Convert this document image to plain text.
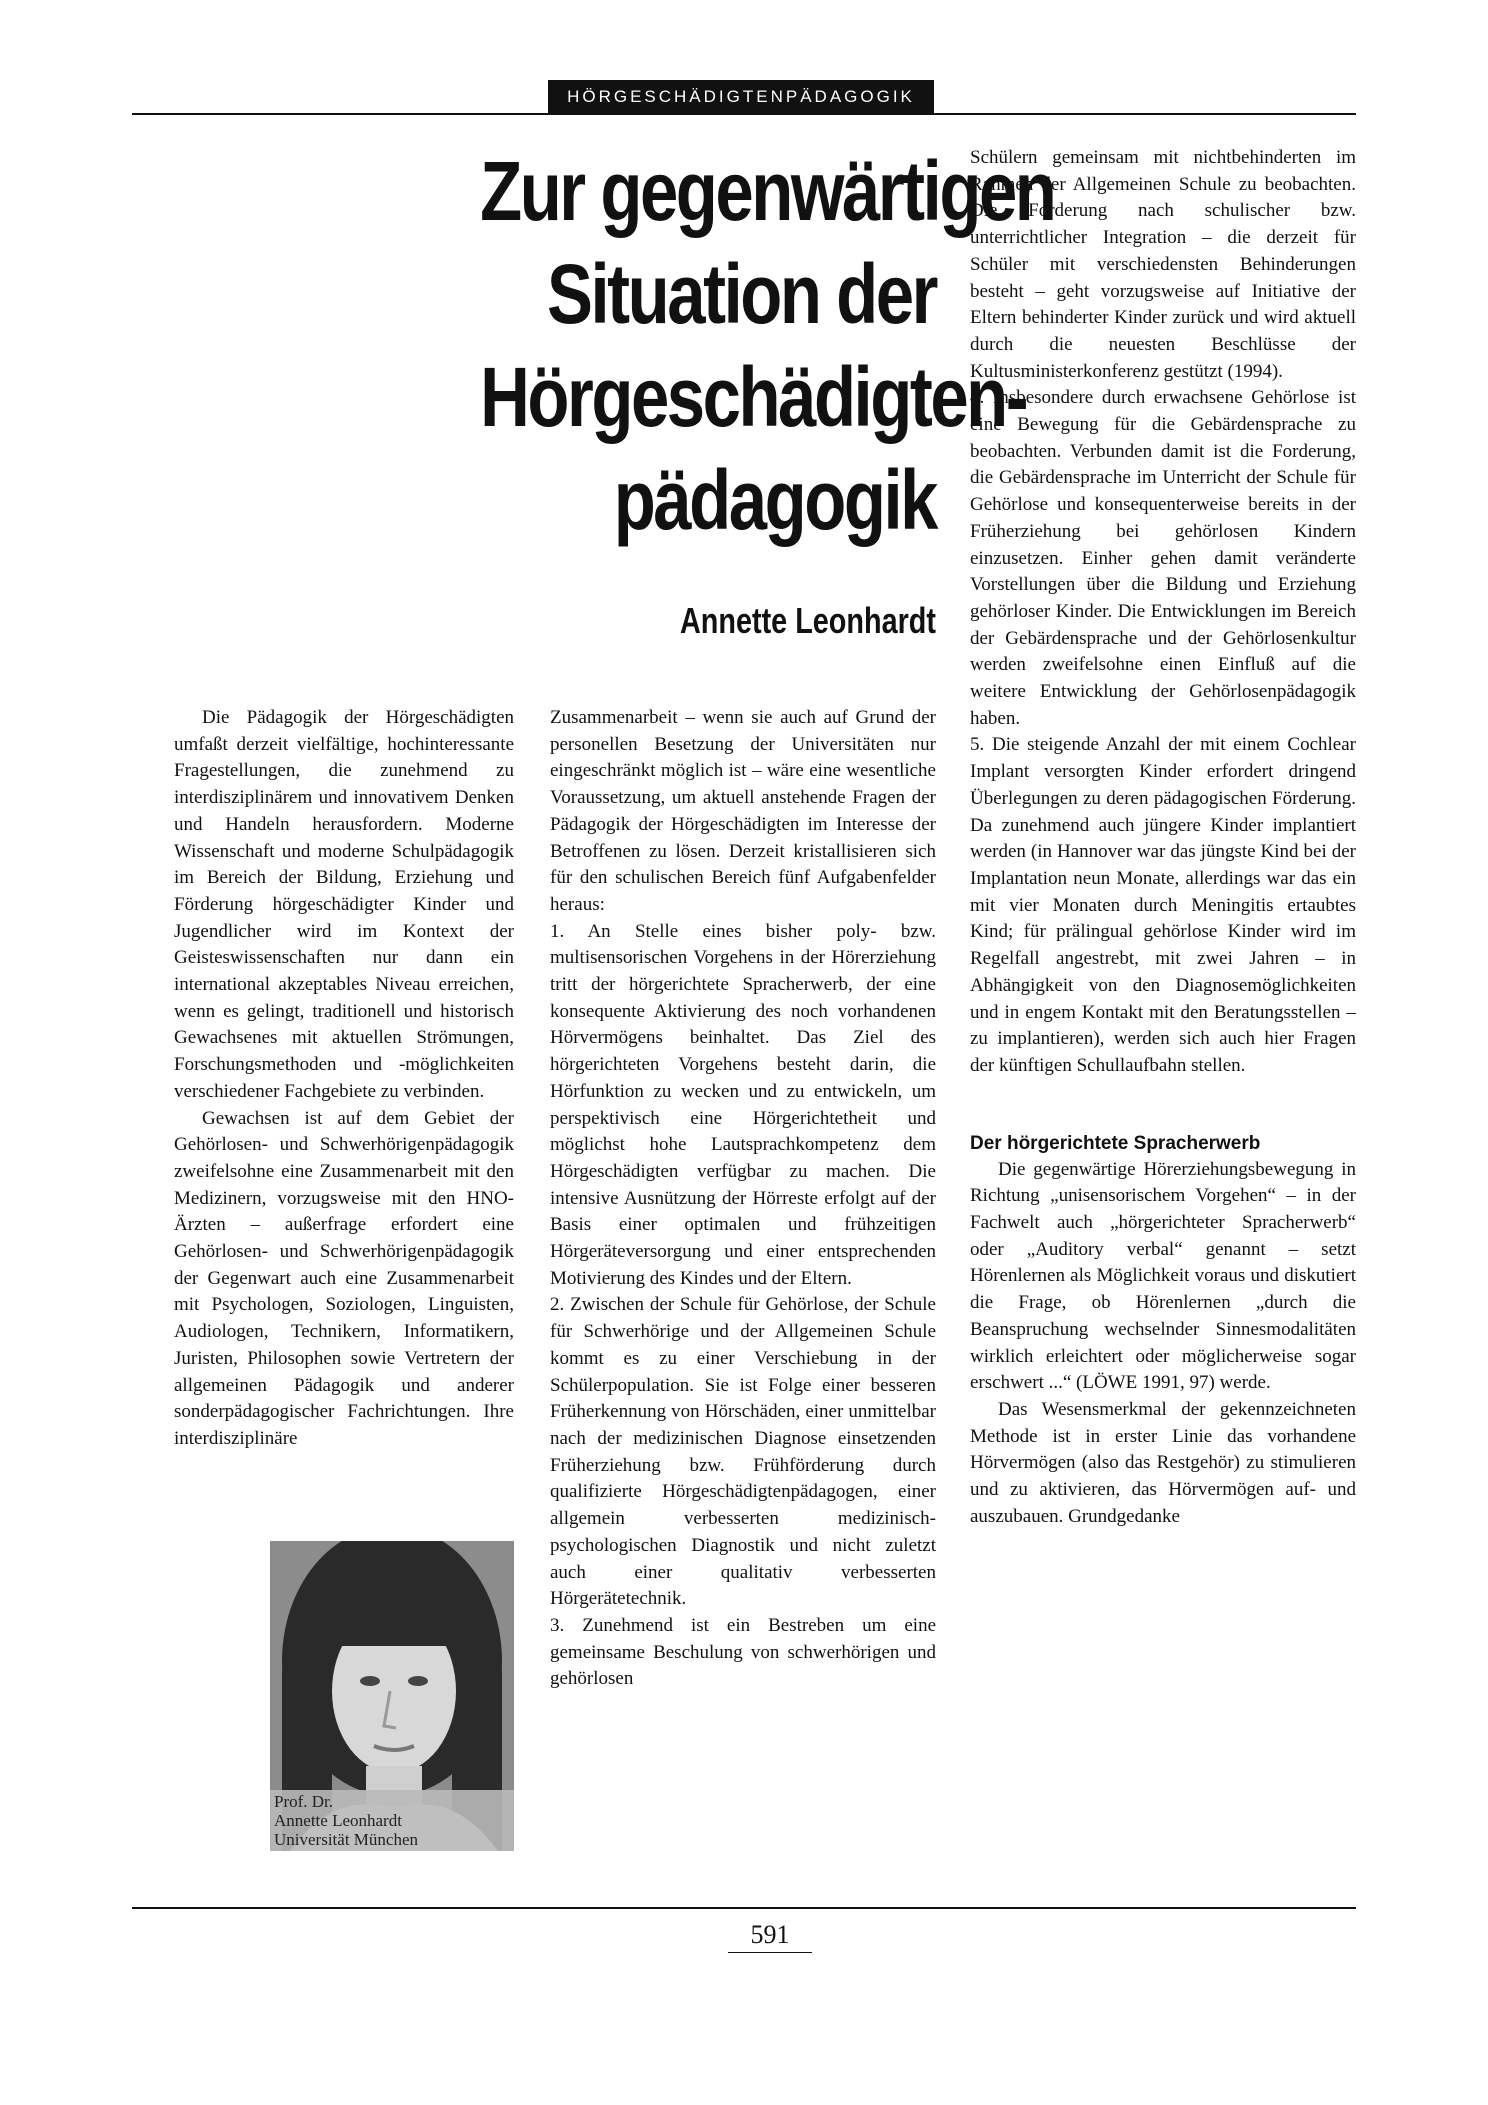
HÖRGESCHÄDIGTENPÄDAGOGIK
Zur gegenwärtigen
Situation der
Hörgeschädigten-
pädagogik
Annette Leonhardt

Die Pädagogik der Hörgeschädigten umfaßt derzeit vielfältige, hochinteressante Fragestellungen, die zunehmend zu interdisziplinärem und innovativem Denken und Handeln herausfordern. Moderne Wissenschaft und moderne Schulpädagogik im Bereich der Bildung, Erziehung und Förderung hörgeschädigter Kinder und Jugendlicher wird im Kontext der Geisteswissenschaften nur dann ein international akzeptables Niveau erreichen, wenn es gelingt, traditionell und historisch Gewachsenes mit aktuellen Strömungen, Forschungsmethoden und -möglichkeiten verschiedener Fachgebiete zu verbinden.

Gewachsen ist auf dem Gebiet der Gehörlosen- und Schwerhörigenpädagogik zweifelsohne eine Zusammenarbeit mit den Medizinern, vorzugsweise mit den HNO-Ärzten – außerfrage erfordert eine Gehörlosen- und Schwerhörigenpädagogik der Gegenwart auch eine Zusammenarbeit mit Psychologen, Soziologen, Linguisten, Audiologen, Technikern, Informatikern, Juristen, Philosophen sowie Vertretern der allgemeinen Pädagogik und anderer sonderpädagogischer Fachrichtungen. Ihre interdisziplinäre

Zusammenarbeit – wenn sie auch auf Grund der personellen Besetzung der Universitäten nur eingeschränkt möglich ist – wäre eine wesentliche Voraussetzung, um aktuell anstehende Fragen der Pädagogik der Hörgeschädigten im Interesse der Betroffenen zu lösen. Derzeit kristallisieren sich für den schulischen Bereich fünf Aufgabenfelder heraus:

1. An Stelle eines bisher poly- bzw. multisensorischen Vorgehens in der Hörerziehung tritt der hörgerichtete Spracherwerb, der eine konsequente Aktivierung des noch vorhandenen Hörvermögens beinhaltet. Das Ziel des hörgerichteten Vorgehens besteht darin, die Hörfunktion zu wecken und zu entwickeln, um perspektivisch eine Hörgerichtetheit und möglichst hohe Lautsprachkompetenz dem Hörgeschädigten verfügbar zu machen. Die intensive Ausnützung der Hörreste erfolgt auf der Basis einer optimalen und frühzeitigen Hörgeräteversorgung und einer entsprechenden Motivierung des Kindes und der Eltern.

2. Zwischen der Schule für Gehörlose, der Schule für Schwerhörige und der Allgemeinen Schule kommt es zu einer Verschiebung in der Schülerpopulation. Sie ist Folge einer besseren Früherkennung von Hörschäden, einer unmittelbar nach der medizinischen Diagnose einsetzenden Früherziehung bzw. Frühförderung durch qualifizierte Hörgeschädigtenpädagogen, einer allgemein verbesserten medizinisch-psychologischen Diagnostik und nicht zuletzt auch einer qualitativ verbesserten Hörgerätetechnik.

3. Zunehmend ist ein Bestreben um eine gemeinsame Beschulung von schwerhörigen und gehörlosen

Schülern gemeinsam mit nichtbehinderten im Rahmen der Allgemeinen Schule zu beobachten. Die Forderung nach schulischer bzw. unterrichtlicher Integration – die derzeit für Schüler mit verschiedensten Behinderungen besteht – geht vorzugsweise auf Initiative der Eltern behinderter Kinder zurück und wird aktuell durch die neuesten Beschlüsse der Kultusministerkonferenz gestützt (1994).

4. Insbesondere durch erwachsene Gehörlose ist eine Bewegung für die Gebärdensprache zu beobachten. Verbunden damit ist die Forderung, die Gebärdensprache im Unterricht der Schule für Gehörlose und konsequenterweise bereits in der Früherziehung bei gehörlosen Kindern einzusetzen. Einher gehen damit veränderte Vorstellungen über die Bildung und Erziehung gehörloser Kinder. Die Entwicklungen im Bereich der Gebärdensprache und der Gehörlosenkultur werden zweifelsohne einen Einfluß auf die weitere Entwicklung der Gehörlosenpädagogik haben.

5. Die steigende Anzahl der mit einem Cochlear Implant versorgten Kinder erfordert dringend Überlegungen zu deren pädagogischen Förderung. Da zunehmend auch jüngere Kinder implantiert werden (in Hannover war das jüngste Kind bei der Implantation neun Monate, allerdings war das ein mit vier Monaten durch Meningitis ertaubtes Kind; für prälingual gehörlose Kinder wird im Regelfall angestrebt, mit zwei Jahren – in Abhängigkeit von den Diagnosemöglichkeiten und in engem Kontakt mit den Beratungsstellen – zu implantieren), werden sich auch hier Fragen der künftigen Schullaufbahn stellen.

Der hörgerichtete Spracherwerb

Die gegenwärtige Hörerziehungsbewegung in Richtung „unisensorischem Vorgehen“ – in der Fachwelt auch „hörgerichteter Spracherwerb“ oder „Auditory verbal“ genannt – setzt Hörenlernen als Möglichkeit voraus und diskutiert die Frage, ob Hörenlernen „durch die Beanspruchung wechselnder Sinnesmodalitäten wirklich erleichtert oder möglicherweise sogar erschwert ...“ (LÖWE 1991, 97) werde.

Das Wesensmerkmal der gekennzeichneten Methode ist in erster Linie das vorhandene Hörvermögen (also das Restgehör) zu stimulieren und zu aktivieren, das Hörvermögen auf- und auszubauen. Grundgedanke

Prof. Dr.
Annette Leonhardt
Universität München
591
